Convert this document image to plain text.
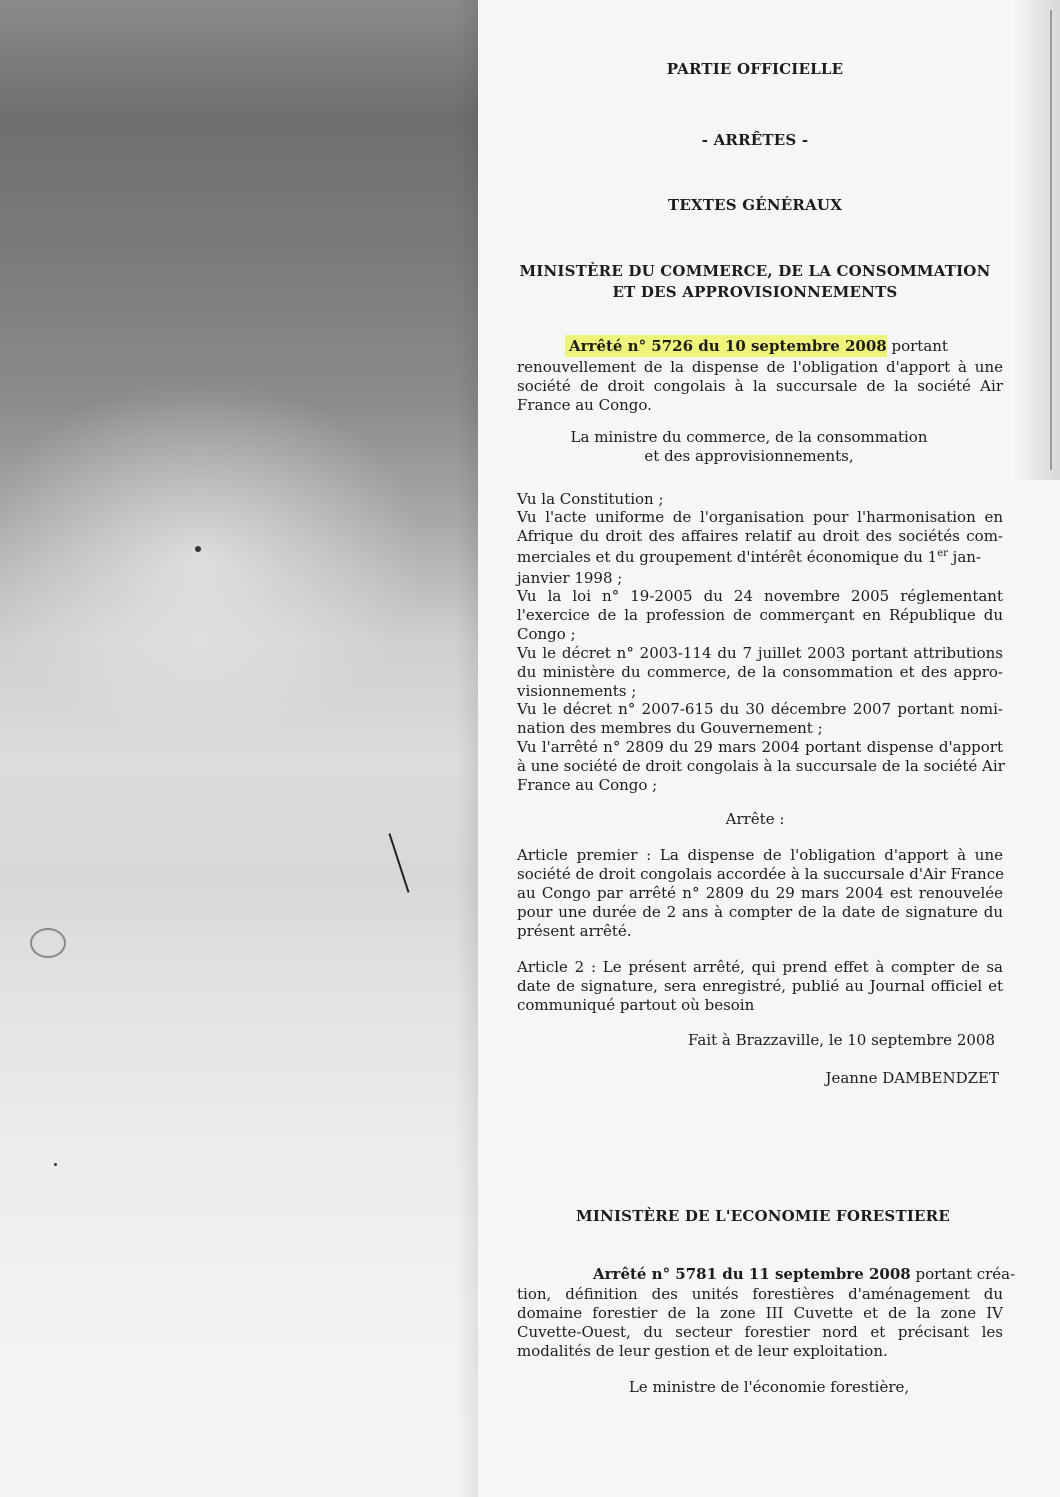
PARTIE OFFICIELLE
- ARRÊTES -
TEXTES GÉNÉRAUX
MINISTÈRE DU COMMERCE, DE LA CONSOMMATION
ET DES APPROVISIONNEMENTS
Arrêté n° 5726 du 10 septembre 2008 portant
renouvellement de la dispense de l'obligation d'apport à une
société de droit congolais à la succursale de la société Air
France au Congo.
La ministre du commerce, de la consommation
et des approvisionnements,
Vu la Constitution ;
Vu l'acte uniforme de l'organisation pour l'harmonisation en
Afrique du droit des affaires relatif au droit des sociétés com-
merciales et du groupement d'intérêt économique du 1er jan-
janvier 1998 ;
Vu la loi n° 19-2005 du 24 novembre 2005 réglementant
l'exercice de la profession de commerçant en République du
Congo ;
Vu le décret n° 2003-114 du 7 juillet 2003 portant attributions
du ministère du commerce, de la consommation et des appro-
visionnements ;
Vu le décret n° 2007-615 du 30 décembre 2007 portant nomi-
nation des membres du Gouvernement ;
Vu l'arrêté n° 2809 du 29 mars 2004 portant dispense d'apport
à une société de droit congolais à la succursale de la société Air
France au Congo ;
Arrête :
Article premier : La dispense de l'obligation d'apport à une
société de droit congolais accordée à la succursale d'Air France
au Congo par arrêté n° 2809 du 29 mars 2004 est renouvelée
pour une durée de 2 ans à compter de la date de signature du
présent arrêté.
Article 2 : Le présent arrêté, qui prend effet à compter de sa
date de signature, sera enregistré, publié au Journal officiel et
communiqué partout où besoin
Fait à Brazzaville, le 10 septembre 2008
Jeanne DAMBENDZET
MINISTÈRE DE L'ECONOMIE FORESTIERE
Arrêté n° 5781 du 11 septembre 2008 portant créa-
tion, définition des unités forestières d'aménagement du
domaine forestier de la zone III Cuvette et de la zone IV
Cuvette-Ouest, du secteur forestier nord et précisant les
modalités de leur gestion et de leur exploitation.
Le ministre de l'économie forestière,
